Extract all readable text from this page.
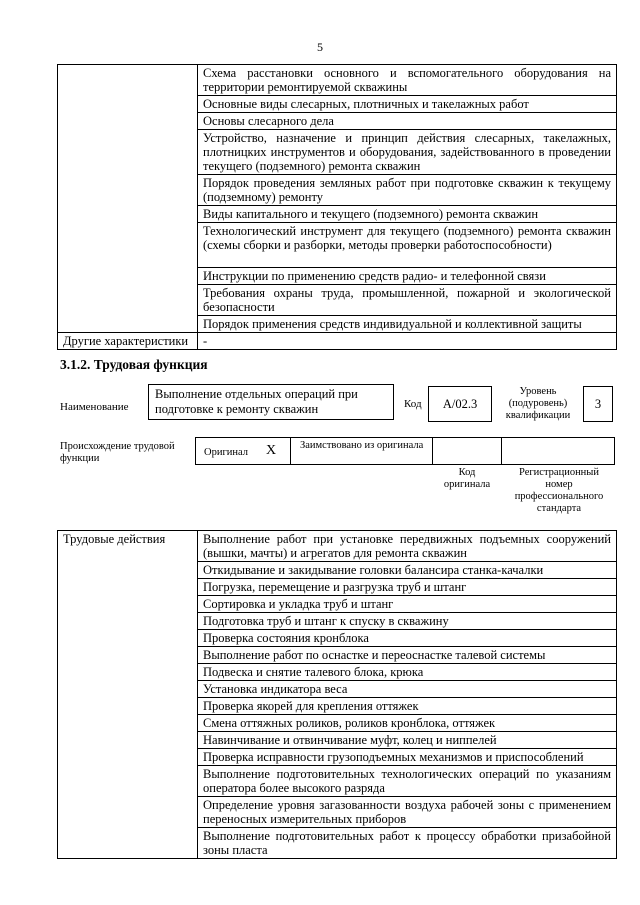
5
	Схема расстановки основного и вспомогательного оборудования на территории ремонтируемой скважины
	Основные виды слесарных, плотничных и такелажных работ
	Основы слесарного дела
	Устройство, назначение и принцип действия слесарных, такелажных, плотницких инструментов и оборудования, задействованного в проведении текущего (подземного) ремонта скважин
	Порядок проведения земляных работ при подготовке скважин к текущему (подземному) ремонту
	Виды капитального и текущего (подземного) ремонта скважин
	Технологический инструмент для текущего (подземного) ремонта скважин (схемы сборки и разборки, методы проверки работоспособности)
	Инструкции по применению средств радио- и телефонной связи
	Требования охраны труда, промышленной, пожарной и экологической безопасности
	Порядок применения средств индивидуальной и коллективной защиты
Другие характеристики	-
3.1.2. Трудовая функция
Наименование
Выполнение отдельных операций при подготовке к ремонту скважин	Код	A/02.3
Уровень (подуровень) квалификации
3
Происхождение трудовой функции
Оригинал X Заимствовано из оригинала
Код оригинала
Регистрационный номер профессионального стандарта
Трудовые действия	Выполнение работ при установке передвижных подъемных сооружений (вышки, мачты) и агрегатов для ремонта скважин
Откидывание и закидывание головки балансира станка-качалки
Погрузка, перемещение и разгрузка труб и штанг
Сортировка и укладка труб и штанг
Подготовка труб и штанг к спуску в скважину
Проверка состояния кронблока
Выполнение работ по оснастке и переоснастке талевой системы
Подвеска и снятие талевого блока, крюка
Установка индикатора веса
Проверка якорей для крепления оттяжек
Смена оттяжных роликов, роликов кронблока, оттяжек
Навинчивание и отвинчивание муфт, колец и ниппелей
Проверка исправности грузоподъемных механизмов и приспособлений
Выполнение подготовительных технологических операций по указаниям оператора более высокого разряда
Определение уровня загазованности воздуха рабочей зоны с применением переносных измерительных приборов
Выполнение подготовительных работ к процессу обработки призабойной зоны пласта
